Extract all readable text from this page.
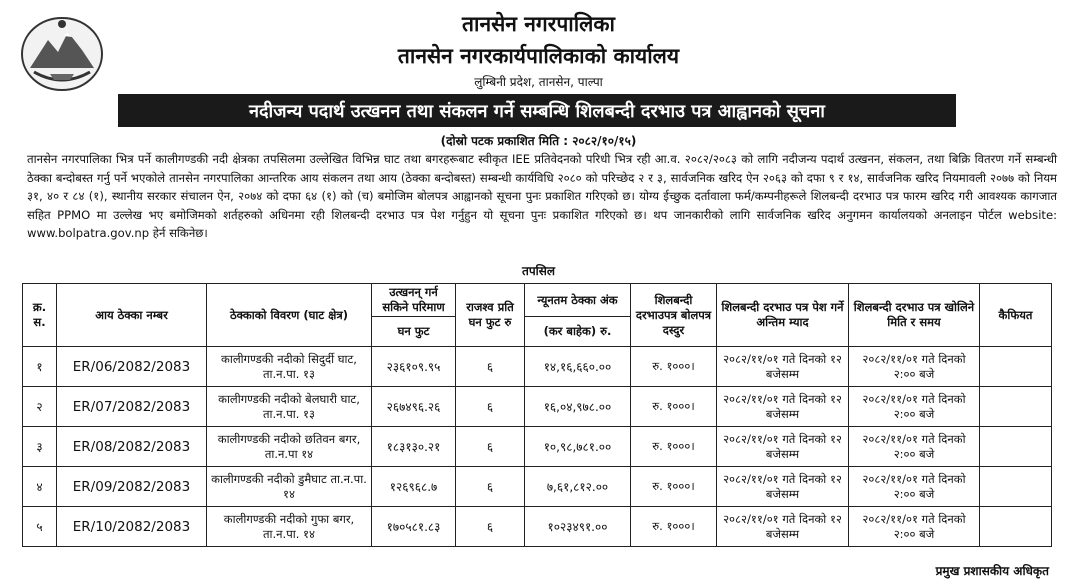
तानसेन नगरपालिका
तानसेन नगरकार्यपालिकाको कार्यालय
लुम्बिनी प्रदेश, तानसेन, पाल्पा
नदीजन्य पदार्थ उत्खनन तथा संकलन गर्ने सम्बन्धि शिलबन्दी दरभाउ पत्र आह्वानको सूचना
(दोस्रो पटक प्रकाशित मिति : २०८२/१०/१५)
तानसेन नगरपालिका भित्र पर्ने कालीगण्डकी नदी क्षेत्रका तपसिलमा उल्लेखित विभिन्न घाट तथा बगरहरूबाट स्वीकृत IEE प्रतिवेदनको परिधी भित्र रही आ.व. २०८२/२०८३ को लागि नदीजन्य पदार्थ उत्खनन, संकलन, तथा बिक्रि वितरण गर्ने सम्बन्धी ठेक्का बन्दोबस्त गर्नु पर्ने भएकोले तानसेन नगरपालिका आन्तरिक आय संकलन तथा आय (ठेक्का बन्दोबस्त) सम्बन्धी कार्यविधि २०८० को परिच्छेद २ र ३, सार्वजनिक खरिद ऐन २०६३ को दफा ९ र १४, सार्वजनिक खरिद नियमावली २०७७ को नियम ३१, ४० र ८४ (१), स्थानीय सरकार संचालन ऐन, २०७४ को दफा ६४ (१) को (च) बमोजिम बोलपत्र आह्वानको सूचना पुनः प्रकाशित गरिएको छ। योग्य ईच्छुक दर्तावाला फर्म/कम्पनीहरूले शिलबन्दी दरभाउ पत्र फारम खरिद गरी आवश्यक कागजात सहित PPMO मा उल्लेख भए बमोजिमको शर्तहरुको अधिनमा रही शिलबन्दी दरभाउ पत्र पेश गर्नुहुन यो सूचना पुनः प्रकाशित गरिएको छ। थप जानकारीको लागि सार्वजनिक खरिद अनुगमन कार्यालयको अनलाइन पोर्टल website: www.bolpatra.gov.np हेर्न सकिनेछ।
तपसिल
क्र. स.	आय ठेक्का नम्बर	ठेक्काको विवरण (घाट क्षेत्र)	उत्खनन् गर्न सकिने परिमाण	राजश्व प्रति घन फुट रु	न्यूनतम ठेक्का अंक	शिलबन्दी दरभाउपत्र बोलपत्र दस्दुर	शिलबन्दी दरभाउ पत्र पेश गर्ने अन्तिम म्याद	शिलबन्दी दरभाउ पत्र खोलिने मिति र समय	कैफियत
			घन फुट		(कर बाहेक) रु.				
१	ER/06/2082/2083	कालीगण्डकी नदीको सिदुर्दी घाट, ता.न.पा. १३	२३६१०९.९५	६	१४,१६,६६०.००	रु. १०००।	२०८२/११/०१ गते दिनको १२ बजेसम्म	२०८२/११/०१ गते दिनको २:०० बजे	
२	ER/07/2082/2083	कालीगण्डकी नदीको बेलघारी घाट, ता.न.पा. १३	२६७४९६.२६	६	१६,०४,९७८.००	रु. १०००।	२०८२/११/०१ गते दिनको १२ बजेसम्म	२०८२/११/०१ गते दिनको २:०० बजे	
३	ER/08/2082/2083	कालीगण्डकी नदीको छतिवन बगर, ता.न.पा १४	१८३१३०.२१	६	१०,९८,७८१.००	रु. १०००।	२०८२/११/०१ गते दिनको १२ बजेसम्म	२०८२/११/०१ गते दिनको २:०० बजे	
४	ER/09/2082/2083	कालीगण्डकी नदीको डुमैघाट ता.न.पा. १४	१२६९६८.७	६	७,६१,८१२.००	रु. १०००।	२०८२/११/०१ गते दिनको १२ बजेसम्म	२०८२/११/०१ गते दिनको २:०० बजे	
५	ER/10/2082/2083	कालीगण्डकी नदीको गुफा बगर, ता.न.पा. १४	१७०५८१.८३	६	१०२३४९१.००	रु. १०००।	२०८२/११/०१ गते दिनको १२ बजेसम्म	२०८२/११/०१ गते दिनको २:०० बजे	
प्रमुख प्रशासकीय अधिकृत
